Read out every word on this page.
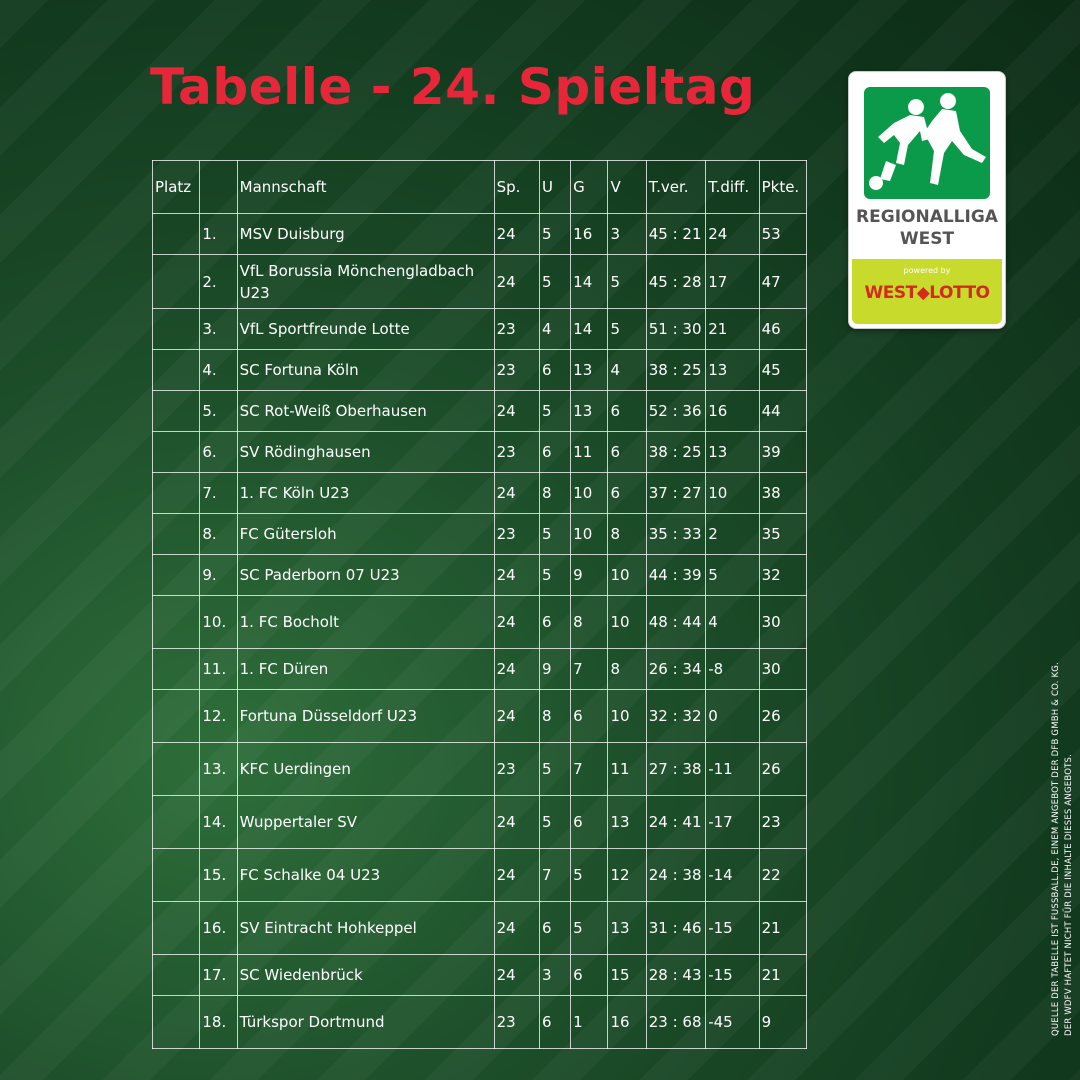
Tabelle - 24. Spieltag
Platz		Mannschaft	Sp.	U	G	V	T.ver.	T.diff.	Pkte.
	1.	MSV Duisburg	24	5	16	3	45 : 21	24	53
	2.	VfL Borussia Mönchengladbach U23	24	5	14	5	45 : 28	17	47
	3.	VfL Sportfreunde Lotte	23	4	14	5	51 : 30	21	46
	4.	SC Fortuna Köln	23	6	13	4	38 : 25	13	45
	5.	SC Rot-Weiß Oberhausen	24	5	13	6	52 : 36	16	44
	6.	SV Rödinghausen	23	6	11	6	38 : 25	13	39
	7.	1. FC Köln U23	24	8	10	6	37 : 27	10	38
	8.	FC Gütersloh	23	5	10	8	35 : 33	2	35
	9.	SC Paderborn 07 U23	24	5	9	10	44 : 39	5	32
	10.	1. FC Bocholt	24	6	8	10	48 : 44	4	30
	11.	1. FC Düren	24	9	7	8	26 : 34	-8	30
	12.	Fortuna Düsseldorf U23	24	8	6	10	32 : 32	0	26
	13.	KFC Uerdingen	23	5	7	11	27 : 38	-11	26
	14.	Wuppertaler SV	24	5	6	13	24 : 41	-17	23
	15.	FC Schalke 04 U23	24	7	5	12	24 : 38	-14	22
	16.	SV Eintracht Hohkeppel	24	6	5	13	31 : 46	-15	21
	17.	SC Wiedenbrück	24	3	6	15	28 : 43	-15	21
	18.	Türkspor Dortmund	23	6	1	16	23 : 68	-45	9
REGIONALLIGA
WEST
powered by
WEST◆LOTTO
QUELLE DER TABELLE IST FUSSBALL.DE, EINEM ANGEBOT DER DFB GMBH & CO. KG. DER WDFV HAFTET NICHT FÜR DIE INHALTE DIESES ANGEBOTS.
